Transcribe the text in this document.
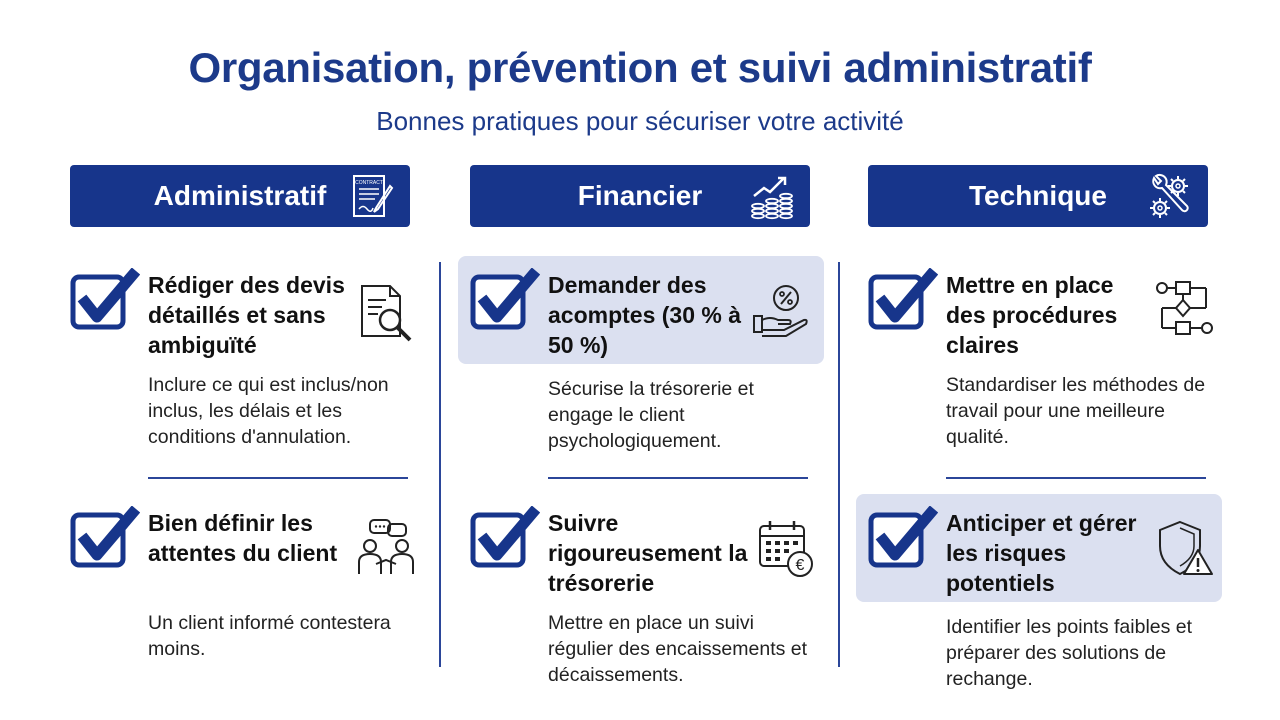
Organisation, prévention et suivi administratif
Bonnes pratiques pour sécuriser votre activité
Administratif	CONTRACT
Rédiger des devis détaillés et sans ambiguïté
Inclure ce qui est inclus/non inclus, les délais et les conditions d'annulation.
Bien définir les attentes du client
Un client informé contestera moins.
Financier
Demander des acomptes (30 % à 50 %)
Sécurise la trésorerie et engage le client psychologiquement.
Suivre rigoureusement la trésorerie
€
Mettre en place un suivi régulier des encaissements et décaissements.
Technique
Mettre en place des procédures claires
Standardiser les méthodes de travail pour une meilleure qualité.
Anticiper et gérer les risques potentiels
Identifier les points faibles et préparer des solutions de rechange.
